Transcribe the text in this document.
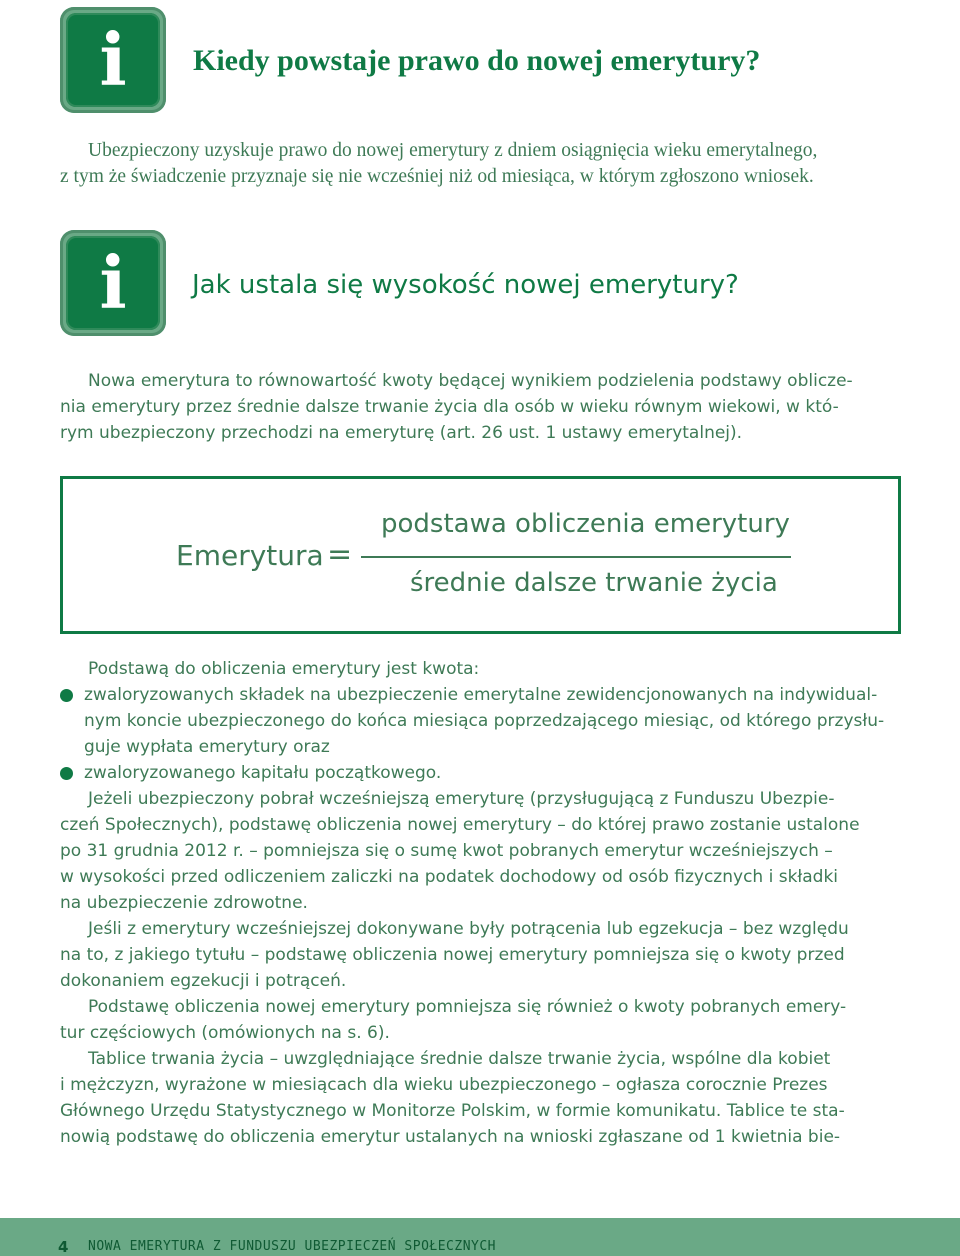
i	Kiedy powstaje prawo do nowej emerytury?
Ubezpieczony uzyskuje prawo do nowej emerytury z dniem osiągnięcia wieku emerytalnego,
z tym że świadczenie przyznaje się nie wcześniej niż od miesiąca, w którym zgłoszono wniosek.
i	Jak ustala się wysokość nowej emerytury?
Nowa emerytura to równowartość kwoty będącej wynikiem podzielenia podstawy oblicze-
nia emerytury przez średnie dalsze trwanie życia dla osób w wieku równym wiekowi, w któ-
rym ubezpieczony przechodzi na emeryturę (art. 26 ust. 1 ustawy emerytalnej).
Emerytura =
podstawa obliczenia emerytury
średnie dalsze trwanie życia
Podstawą do obliczenia emerytury jest kwota:
zwaloryzowanych składek na ubezpieczenie emerytalne zewidencjonowanych na indywidual-
nym koncie ubezpieczonego do końca miesiąca poprzedzającego miesiąc, od którego przysłu-
guje wypłata emerytury oraz
zwaloryzowanego kapitału początkowego.
Jeżeli ubezpieczony pobrał wcześniejszą emeryturę (przysługującą z Funduszu Ubezpie-
czeń Społecznych), podstawę obliczenia nowej emerytury – do której prawo zostanie ustalone
po 31 grudnia 2012 r. – pomniejsza się o sumę kwot pobranych emerytur wcześniejszych –
w wysokości przed odliczeniem zaliczki na podatek dochodowy od osób fizycznych i składki
na ubezpieczenie zdrowotne.
Jeśli z emerytury wcześniejszej dokonywane były potrącenia lub egzekucja – bez względu
na to, z jakiego tytułu – podstawę obliczenia nowej emerytury pomniejsza się o kwoty przed
dokonaniem egzekucji i potrąceń.
Podstawę obliczenia nowej emerytury pomniejsza się również o kwoty pobranych emery-
tur częściowych (omówionych na s. 6).
Tablice trwania życia – uwzględniające średnie dalsze trwanie życia, wspólne dla kobiet
i mężczyzn, wyrażone w miesiącach dla wieku ubezpieczonego – ogłasza corocznie Prezes
Głównego Urzędu Statystycznego w Monitorze Polskim, w formie komunikatu. Tablice te sta-
nowią podstawę do obliczenia emerytur ustalanych na wnioski zgłaszane od 1 kwietnia bie-
4 NOWA EMERYTURA Z FUNDUSZU UBEZPIECZEŃ SPOŁECZNYCH
